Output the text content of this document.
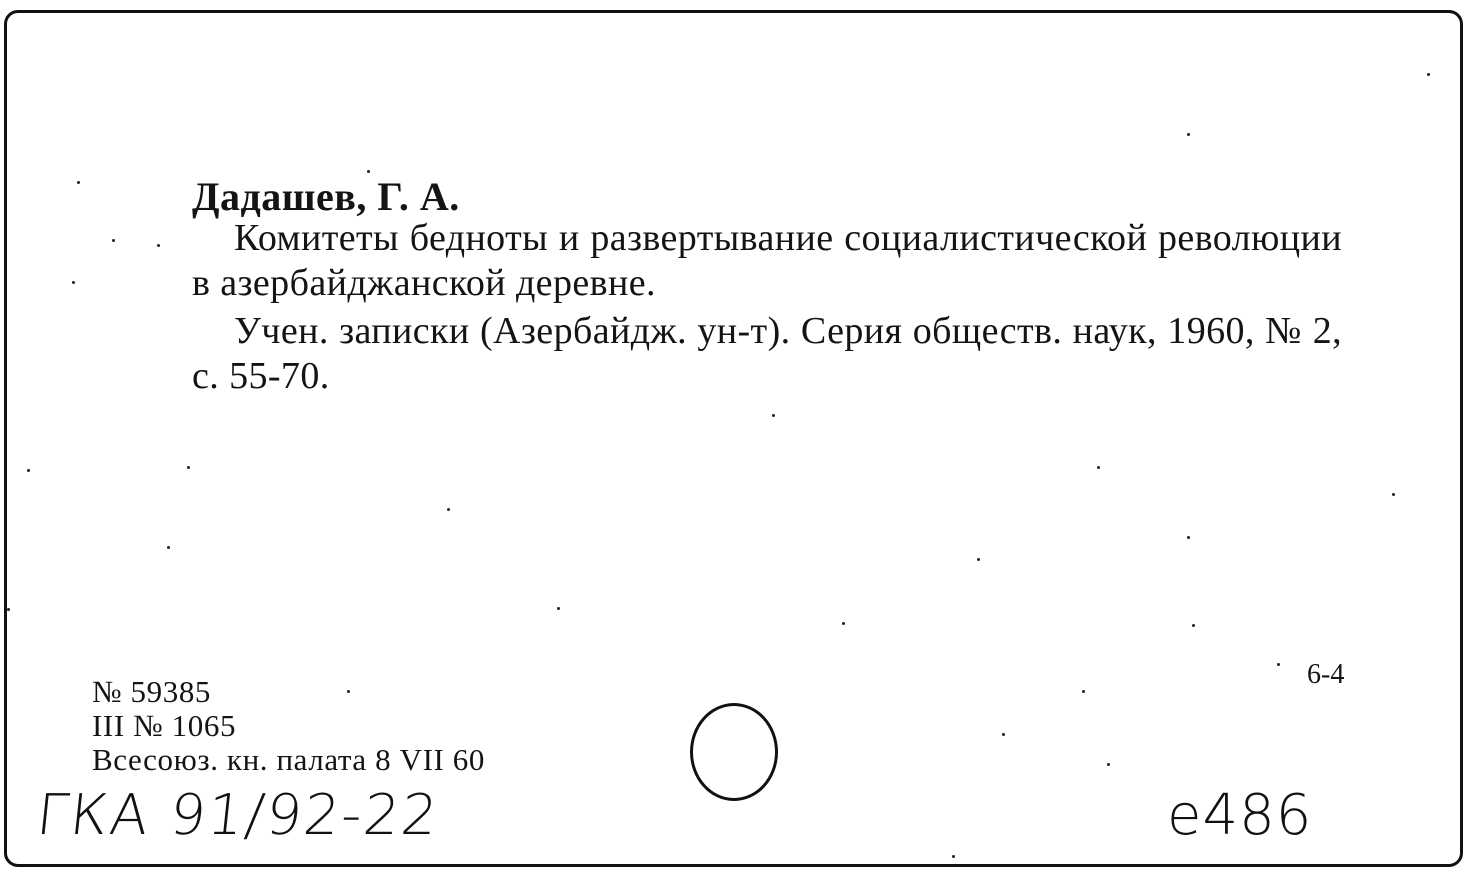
Дадашев, Г. А.
Комитеты бедноты и развертывание социалистической революции в азербайджанской деревне.
Учен. записки (Азербайдж. ун-т). Серия обществ. наук, 1960, № 2, с. 55-70.
№ 59385
III № 1065
Всесоюз. кн. палата 8 VII 60
6-4
ГКА 91/92-22	e486
